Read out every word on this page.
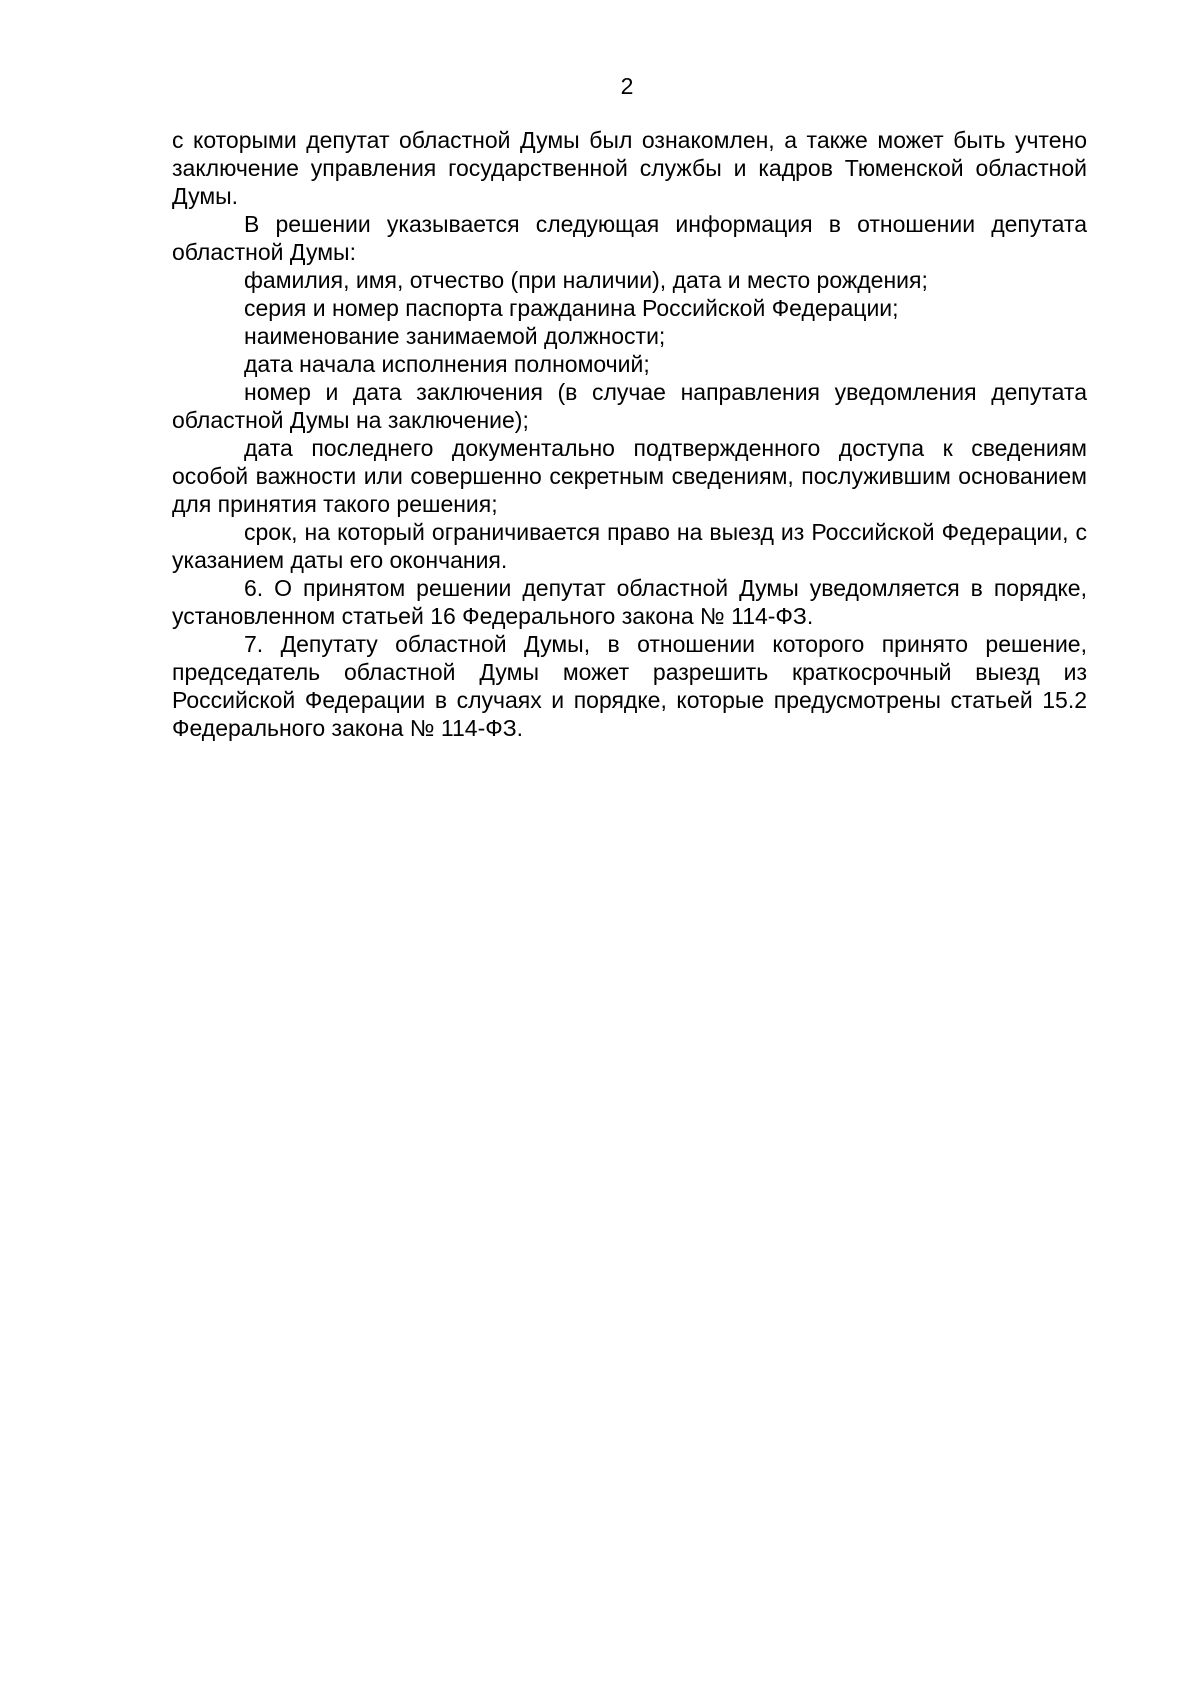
2

с которыми депутат областной Думы был ознакомлен, а также может быть учтено заключение управления государственной службы и кадров Тюменской областной Думы.

В решении указывается следующая информация в отношении депутата областной Думы:

фамилия, имя, отчество (при наличии), дата и место рождения;

серия и номер паспорта гражданина Российской Федерации;

наименование занимаемой должности;

дата начала исполнения полномочий;

номер и дата заключения (в случае направления уведомления депутата областной Думы на заключение);

дата последнего документально подтвержденного доступа к сведениям особой важности или совершенно секретным сведениям, послужившим основанием для принятия такого решения;

срок, на который ограничивается право на выезд из Российской Федерации, с указанием даты его окончания.

6. О принятом решении депутат областной Думы уведомляется в порядке, установленном статьей 16 Федерального закона № 114-ФЗ.

7. Депутату областной Думы, в отношении которого принято решение, председатель областной Думы может разрешить краткосрочный выезд из Российской Федерации в случаях и порядке, которые предусмотрены статьей 15.2 Федерального закона № 114-ФЗ.
